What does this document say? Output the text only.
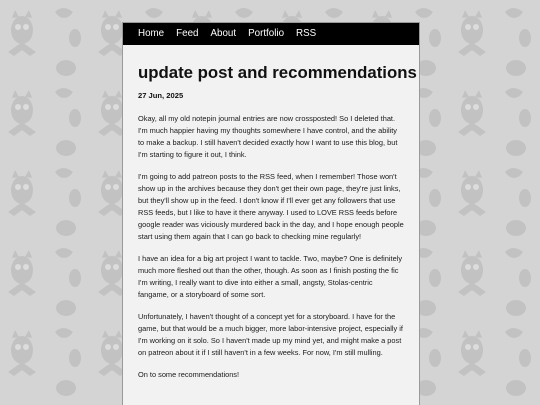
Home Feed About Portfolio RSS
update post and recommendations
27 Jun, 2025

Okay, all my old notepin journal entries are now crossposted! So I deleted that. I'm much happier having my thoughts somewhere I have control, and the ability to make a backup. I still haven't decided exactly how I want to use this blog, but I'm starting to figure it out, I think.

I'm going to add patreon posts to the RSS feed, when I remember! Those won't show up in the archives because they don't get their own page, they're just links, but they'll show up in the feed. I don't know if I'll ever get any followers that use RSS feeds, but I like to have it there anyway. I used to LOVE RSS feeds before google reader was viciously murdered back in the day, and I hope enough people start using them again that I can go back to checking mine regularly!

I have an idea for a big art project I want to tackle. Two, maybe? One is definitely much more fleshed out than the other, though. As soon as I finish posting the fic I'm writing, I really want to dive into either a small, angsty, Stolas-centric fangame, or a storyboard of some sort.

Unfortunately, I haven't thought of a concept yet for a storyboard. I have for the game, but that would be a much bigger, more labor-intensive project, especially if I'm working on it solo. So I haven't made up my mind yet, and might make a post on patreon about it if I still haven't in a few weeks. For now, I'm still mulling.

On to some recommendations!
